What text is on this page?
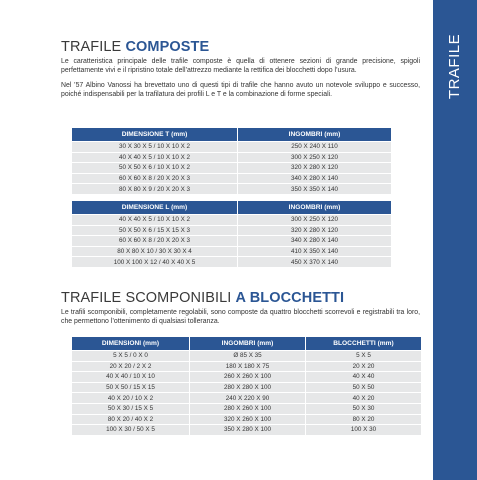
TRAFILE
TRAFILE COMPOSTE

Le caratteristica principale delle trafile composte è quella di ottenere sezioni di grande precisione, spigoli perfettamente vivi e il ripristino totale dell’attrezzo mediante la rettifica dei blocchetti dopo l’usura.

Nel ’57 Albino Vanossi ha brevettato uno di questi tipi di trafile che hanno avuto un notevole sviluppo e successo, poiché indispensabili per la trafilatura dei profili L e T e la combinazione di forme speciali.

DIMENSIONE T (mm)	INGOMBRI (mm)
30 X 30 X 5 / 10 X 10 X 2	250 X 240 X 110
40 X 40 X 5 / 10 X 10 X 2	300 X 250 X 120
50 X 50 X 6 / 10 X 10 X 2	320 X 280 X 120
60 X 60 X 8 / 20 X 20 X 3	340 X 280 X 140
80 X 80 X 9 / 20 X 20 X 3	350 X 350 X 140
DIMENSIONE L (mm)	INGOMBRI (mm)
40 X 40 X 5 / 10 X 10 X 2	300 X 250 X 120
50 X 50 X 6 / 15 X 15 X 3	320 X 280 X 120
60 X 60 X 8 / 20 X 20 X 3	340 X 280 X 140
80 X 80 X 10 / 30 X 30 X 4	410 X 350 X 140
100 X 100 X 12 / 40 X 40 X 5	450 X 370 X 140
TRAFILE SCOMPONIBILI A BLOCCHETTI

Le trafili scomponibili, completamente regolabili, sono composte da quattro blocchetti scorrevoli e registrabili tra loro, che permettono l’ottenimento di qualsiasi tolleranza.

DIMENSIONI (mm)	INGOMBRI (mm)	BLOCCHETTI (mm)
5 X 5 / 0 X 0	Ø 85 X 35	5 X 5
20 X 20 / 2 X 2	180 X 180 X 75	20 X 20
40 X 40 / 10 X 10	260 X 260 X 100	40 X 40
50 X 50 / 15 X 15	280 X 280 X 100	50 X 50
40 X 20 / 10 X 2	240 X 220 X 90	40 X 20
50 X 30 / 15 X 5	280 X 260 X 100	50 X 30
80 X 20 / 40 X 2	320 X 260 X 100	80 X 20
100 X 30 / 50 X 5	350 X 280 X 100	100 X 30
